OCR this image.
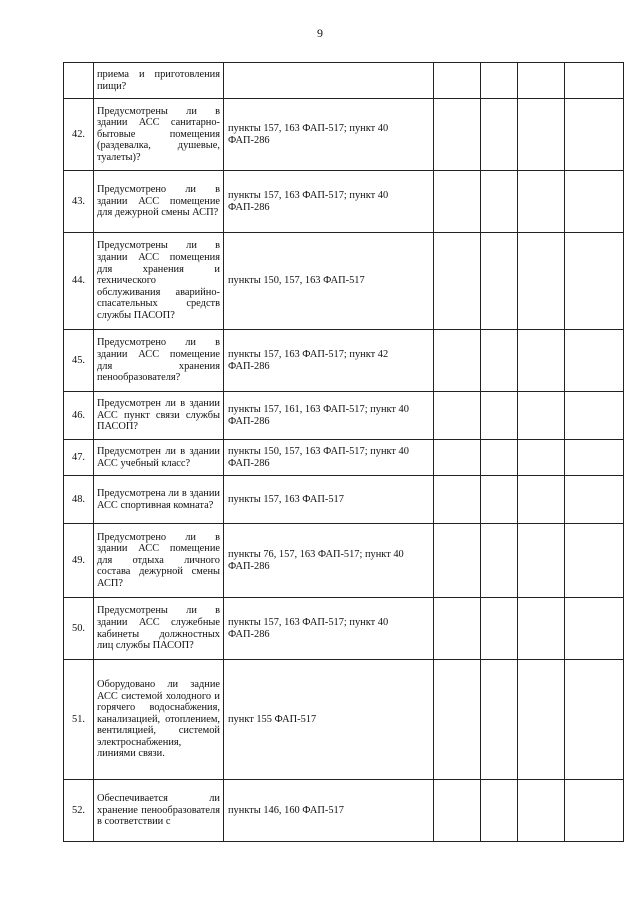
9
	приема и приготовления пищи?					
42.	Предусмотрены ли в здании АСС санитарно-бытовые помещения (раздевалка, душевые, туалеты)?	пункты 157, 163 ФАП-517; пункт 40 ФАП-286				
43.	Предусмотрено ли в здании АСС помещение для дежурной смены АСП?	пункты 157, 163 ФАП-517; пункт 40 ФАП-286				
44.	Предусмотрены ли в здании АСС помещения для хранения и технического обслуживания аварийно-спасательных средств службы ПАСОП?	пункты 150, 157, 163 ФАП-517				
45.	Предусмотрено ли в здании АСС помещение для хранения пенообразователя?	пункты 157, 163 ФАП-517; пункт 42 ФАП-286				
46.	Предусмотрен ли в здании АСС пункт связи службы ПАСОП?	пункты 157, 161, 163 ФАП-517; пункт 40 ФАП-286				
47.	Предусмотрен ли в здании АСС учебный класс?	пункты 150, 157, 163 ФАП-517; пункт 40 ФАП-286				
48.	Предусмотрена ли в здании АСС спортивная комната?	пункты 157, 163 ФАП-517				
49.	Предусмотрено ли в здании АСС помещение для отдыха личного состава дежурной смены АСП?	пункты 76, 157, 163 ФАП-517; пункт 40 ФАП-286				
50.	Предусмотрены ли в здании АСС служебные кабинеты должностных лиц службы ПАСОП?	пункты 157, 163 ФАП-517; пункт 40 ФАП-286				
51.	Оборудовано ли задние АСС системой холодного и горячего водоснабжения, канализацией, отоплением, вентиляцией, системой электроснабжения, линиями связи.	пункт 155 ФАП-517				
52.	Обеспечивается ли хранение пенообразователя в соответствии с	пункты 146, 160 ФАП-517				
